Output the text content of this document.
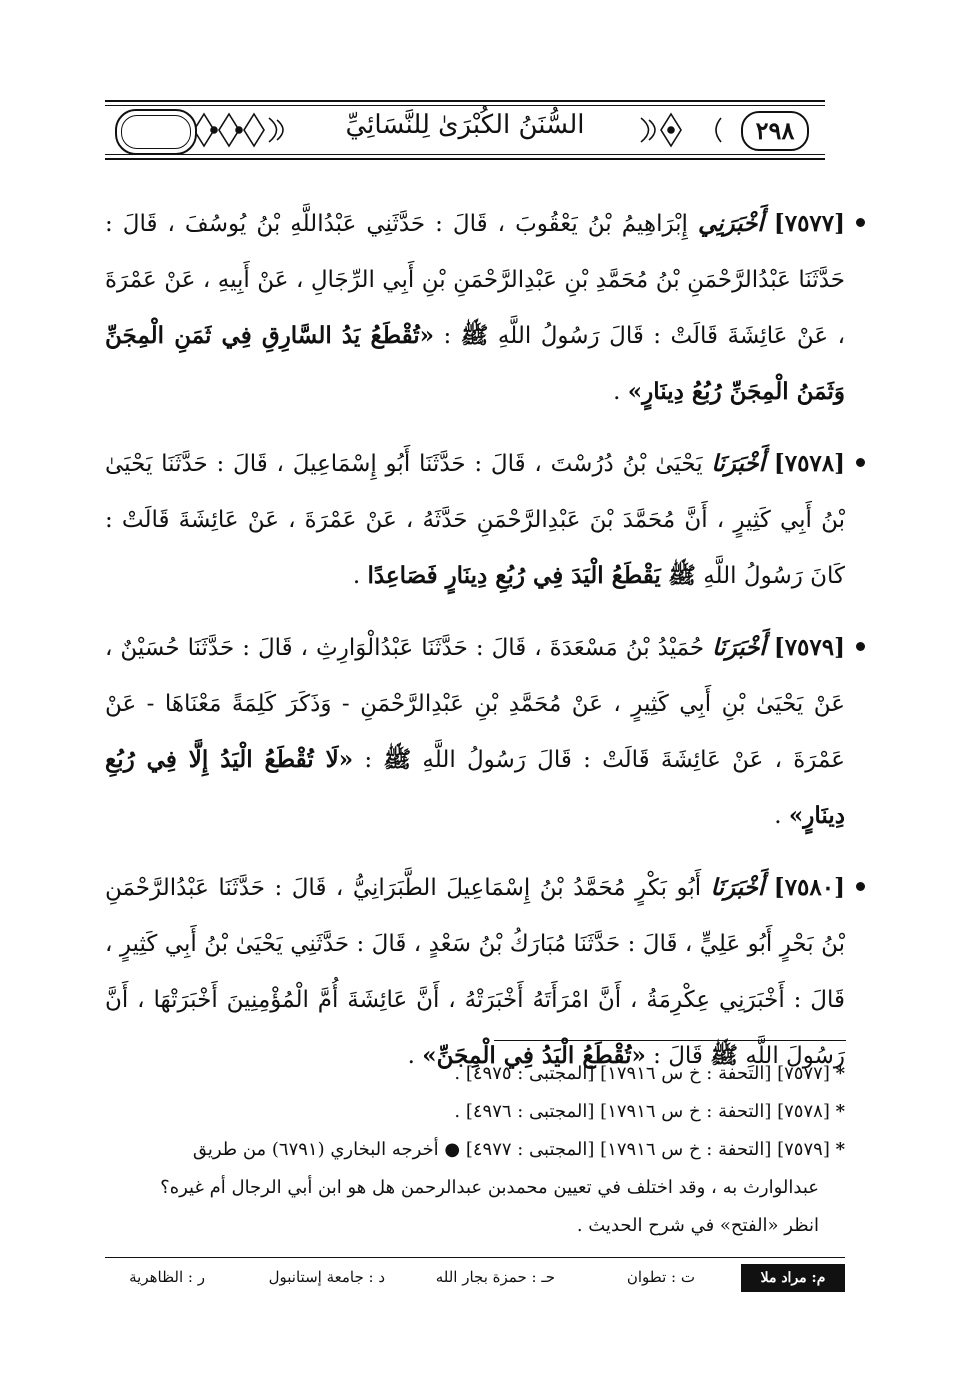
السُّنَنُ الكُبْرَىٰ لِلنَّسَائِيِّ	٢٩٨
[٧٥٧٧] أَخْبَرَنِي إِبْرَاهِيمُ بْنُ يَعْقُوبَ ، قَالَ : حَدَّثَنِي عَبْدُاللَّهِ بْنُ يُوسُفَ ، قَالَ : حَدَّثَنَا عَبْدُالرَّحْمَنِ بْنُ مُحَمَّدِ بْنِ عَبْدِالرَّحْمَنِ بْنِ أَبِي الرِّجَالِ ، عَنْ أَبِيهِ ، عَنْ عَمْرَةَ ، عَنْ عَائِشَةَ قَالَتْ : قَالَ رَسُولُ اللَّهِ ﷺ : «تُقْطَعُ يَدُ السَّارِقِ فِي ثَمَنِ الْمِجَنِّ وَثَمَنُ الْمِجَنِّ رُبُعُ دِينَارٍ» .
[٧٥٧٨] أَخْبَرَنَا يَحْيَىٰ بْنُ دُرُسْتَ ، قَالَ : حَدَّثَنَا أَبُو إِسْمَاعِيلَ ، قَالَ : حَدَّثَنَا يَحْيَىٰ بْنُ أَبِي كَثِيرٍ ، أَنَّ مُحَمَّدَ بْنَ عَبْدِالرَّحْمَنِ حَدَّثَهُ ، عَنْ عَمْرَةَ ، عَنْ عَائِشَةَ قَالَتْ : كَانَ رَسُولُ اللَّهِ ﷺ يَقْطَعُ الْيَدَ فِي رُبُعِ دِينَارٍ فَصَاعِدًا .
[٧٥٧٩] أَخْبَرَنَا حُمَيْدُ بْنُ مَسْعَدَةَ ، قَالَ : حَدَّثَنَا عَبْدُالْوَارِثِ ، قَالَ : حَدَّثَنَا حُسَيْنٌ ، عَنْ يَحْيَىٰ بْنِ أَبِي كَثِيرٍ ، عَنْ مُحَمَّدِ بْنِ عَبْدِالرَّحْمَنِ - وَذَكَرَ كَلِمَةً مَعْنَاهَا - عَنْ عَمْرَةَ ، عَنْ عَائِشَةَ قَالَتْ : قَالَ رَسُولُ اللَّهِ ﷺ : «لَا تُقْطَعُ الْيَدُ إِلَّا فِي رُبُعِ دِينَارٍ» .
[٧٥٨٠] أَخْبَرَنَا أَبُو بَكْرٍ مُحَمَّدُ بْنُ إِسْمَاعِيلَ الطَّبَرَانِيُّ ، قَالَ : حَدَّثَنَا عَبْدُالرَّحْمَنِ بْنُ بَحْرٍ أَبُو عَلِيٍّ ، قَالَ : حَدَّثَنَا مُبَارَكُ بْنُ سَعْدٍ ، قَالَ : حَدَّثَنِي يَحْيَىٰ بْنُ أَبِي كَثِيرٍ ، قَالَ : أَخْبَرَنِي عِكْرِمَةُ ، أَنَّ امْرَأَتَهُ أَخْبَرَتْهُ ، أَنَّ عَائِشَةَ أُمَّ الْمُؤْمِنِينَ أَخْبَرَتْهَا ، أَنَّ رَسُولَ اللَّهِ ﷺ قَالَ : «تُقْطَعُ الْيَدُ فِي الْمِجَنِّ» .
* [٧٥٧٧] [التحفة : خ س ١٧٩١٦] [المجتبى : ٤٩٧٥] .
* [٧٥٧٨] [التحفة : خ س ١٧٩١٦] [المجتبى : ٤٩٧٦] .
* [٧٥٧٩] [التحفة : خ س ١٧٩١٦] [المجتبى : ٤٩٧٧] ● أخرجه البخاري (٦٧٩١) من طريق
عبدالوارث به ، وقد اختلف في تعيين محمدبن عبدالرحمن هل هو ابن أبي الرجال أم غيره؟
انظر «الفتح» في شرح الحديث .
م: مراد ملا
ت : تطوان
حـ : حمزة بجار الله
د : جامعة إستانبول
ر : الظاهرية
